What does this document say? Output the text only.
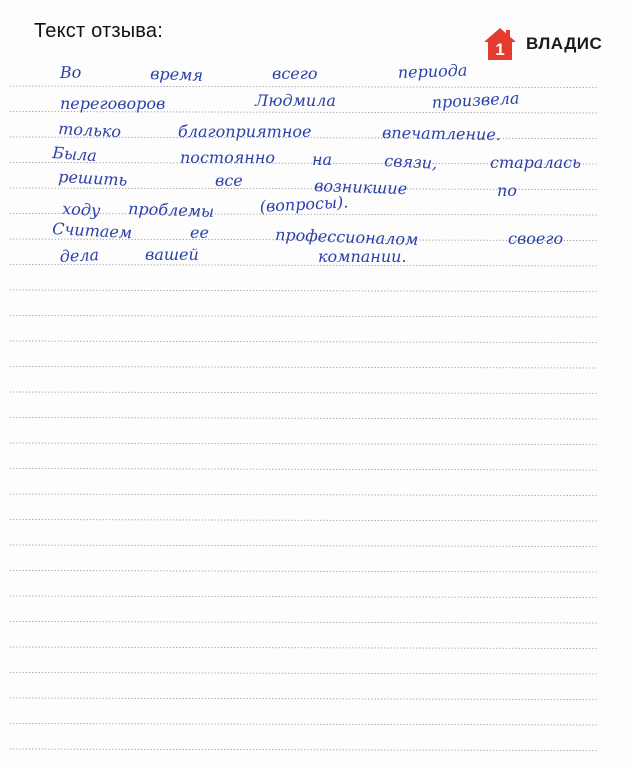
Текст отзыва:
1 ВЛАДИС
Во	время	всего	периода
переговоров	Людмила	произвела
только	благоприятное	впечатление.
Была	постоянно на	связи,	старалась
решить	все	возникшие	по
ходу проблемы	(вопросы).
Считаем	ее	профессионалом	своего
дела	вашей	компании.
